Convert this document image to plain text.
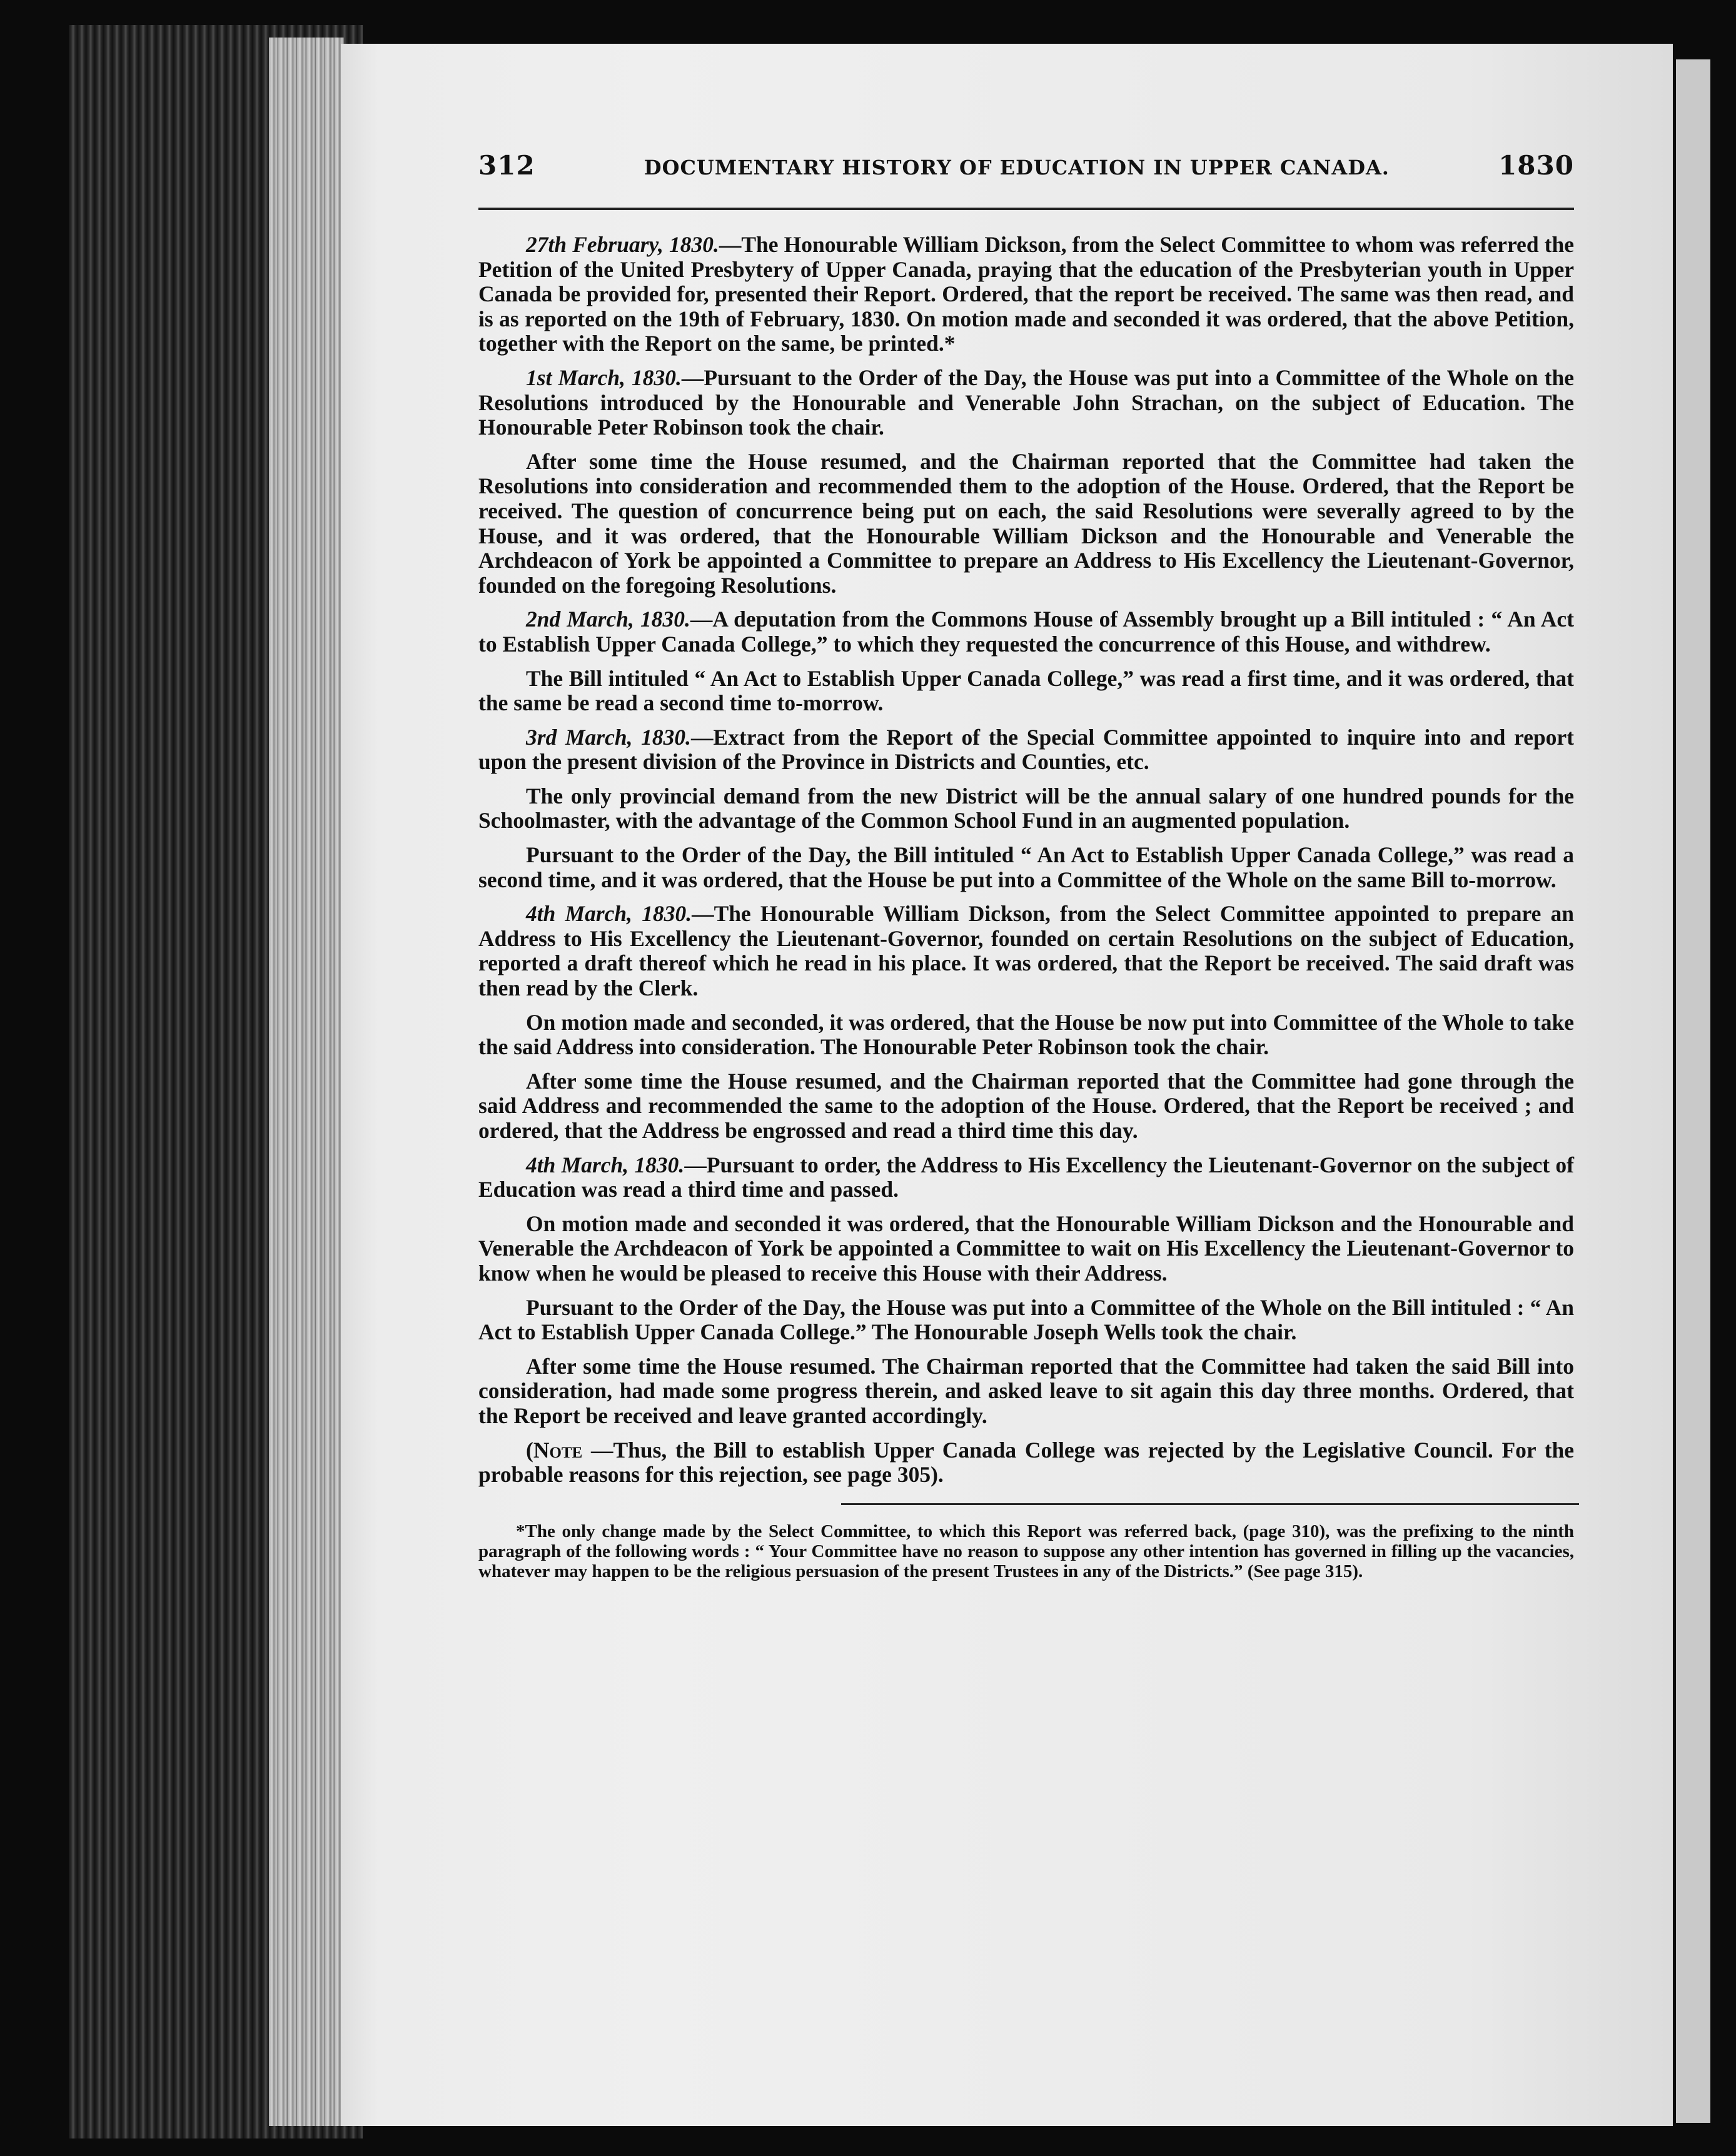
312	DOCUMENTARY HISTORY OF EDUCATION IN UPPER CANADA.	1830

27th February, 1830.—The Honourable William Dickson, from the Select Committee to whom was referred the Petition of the United Presbytery of Upper Canada, praying that the education of the Presbyterian youth in Upper Canada be provided for, presented their Report. Ordered, that the report be received. The same was then read, and is as reported on the 19th of February, 1830. On motion made and seconded it was ordered, that the above Petition, together with the Report on the same, be printed.*

1st March, 1830.—Pursuant to the Order of the Day, the House was put into a Committee of the Whole on the Resolutions introduced by the Honourable and Venerable John Strachan, on the subject of Education. The Honourable Peter Robinson took the chair.

After some time the House resumed, and the Chairman reported that the Committee had taken the Resolutions into consideration and recommended them to the adoption of the House. Ordered, that the Report be received. The question of concurrence being put on each, the said Resolutions were severally agreed to by the House, and it was ordered, that the Honourable William Dickson and the Honourable and Venerable the Archdeacon of York be appointed a Committee to prepare an Address to His Excellency the Lieutenant-Governor, founded on the foregoing Resolutions.

2nd March, 1830.—A deputation from the Commons House of Assembly brought up a Bill intituled : “ An Act to Establish Upper Canada College,” to which they requested the concurrence of this House, and withdrew.

The Bill intituled “ An Act to Establish Upper Canada College,” was read a first time, and it was ordered, that the same be read a second time to-morrow.

3rd March, 1830.—Extract from the Report of the Special Committee appointed to inquire into and report upon the present division of the Province in Districts and Counties, etc.

The only provincial demand from the new District will be the annual salary of one hundred pounds for the Schoolmaster, with the advantage of the Common School Fund in an augmented population.

Pursuant to the Order of the Day, the Bill intituled “ An Act to Establish Upper Canada College,” was read a second time, and it was ordered, that the House be put into a Committee of the Whole on the same Bill to-morrow.

4th March, 1830.—The Honourable William Dickson, from the Select Committee appointed to prepare an Address to His Excellency the Lieutenant-Governor, founded on certain Resolutions on the subject of Education, reported a draft thereof which he read in his place. It was ordered, that the Report be received. The said draft was then read by the Clerk.

On motion made and seconded, it was ordered, that the House be now put into Committee of the Whole to take the said Address into consideration. The Honourable Peter Robinson took the chair.

After some time the House resumed, and the Chairman reported that the Committee had gone through the said Address and recommended the same to the adoption of the House. Ordered, that the Report be received ; and ordered, that the Address be engrossed and read a third time this day.

4th March, 1830.—Pursuant to order, the Address to His Excellency the Lieutenant-Governor on the subject of Education was read a third time and passed.

On motion made and seconded it was ordered, that the Honourable William Dickson and the Honourable and Venerable the Archdeacon of York be appointed a Committee to wait on His Excellency the Lieutenant-Governor to know when he would be pleased to receive this House with their Address.

Pursuant to the Order of the Day, the House was put into a Committee of the Whole on the Bill intituled : “ An Act to Establish Upper Canada College.” The Honourable Joseph Wells took the chair.

After some time the House resumed. The Chairman reported that the Committee had taken the said Bill into consideration, had made some progress therein, and asked leave to sit again this day three months. Ordered, that the Report be received and leave granted accordingly.

(Note —Thus, the Bill to establish Upper Canada College was rejected by the Legislative Council. For the probable reasons for this rejection, see page 305).

*The only change made by the Select Committee, to which this Report was referred back, (page 310), was the prefixing to the ninth paragraph of the following words : “ Your Committee have no reason to suppose any other intention has governed in filling up the vacancies, whatever may happen to be the religious persuasion of the present Trustees in any of the Districts.” (See page 315).
